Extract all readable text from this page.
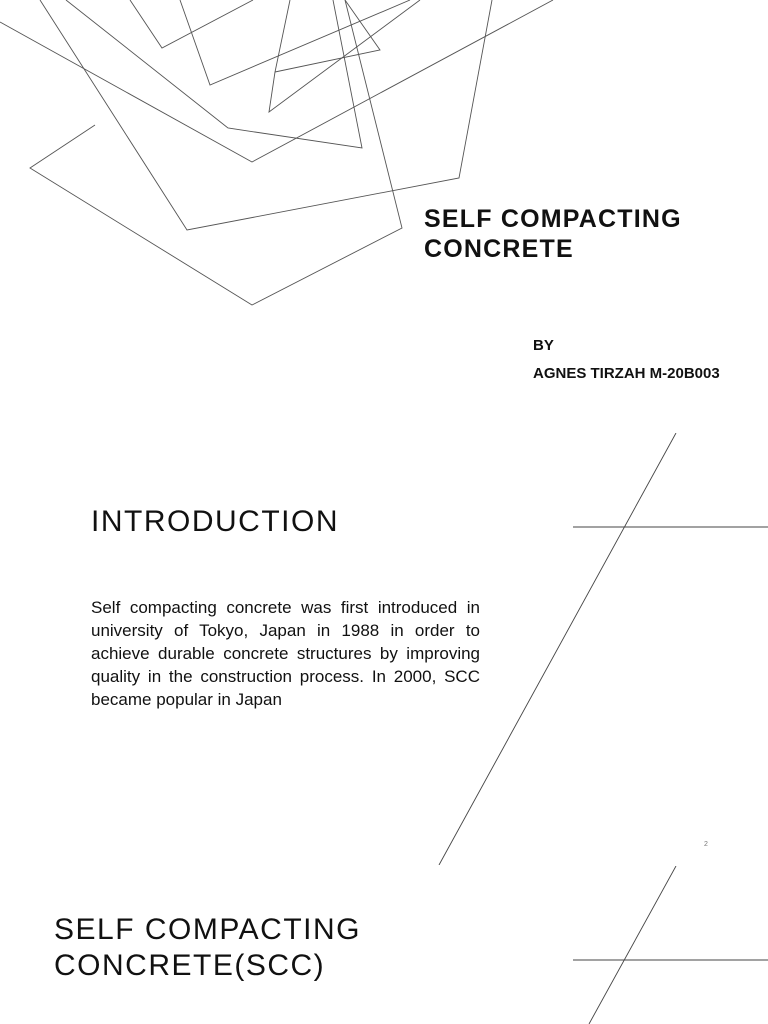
SELF COMPACTING
CONCRETE

BY

AGNES TIRZAH M-20B003

INTRODUCTION

Self compacting concrete was first introduced in university of Tokyo, Japan in 1988 in order to achieve durable concrete structures by improving quality in the construction process. In 2000, SCC became popular in Japan

2
SELF COMPACTING
CONCRETE(SCC)
